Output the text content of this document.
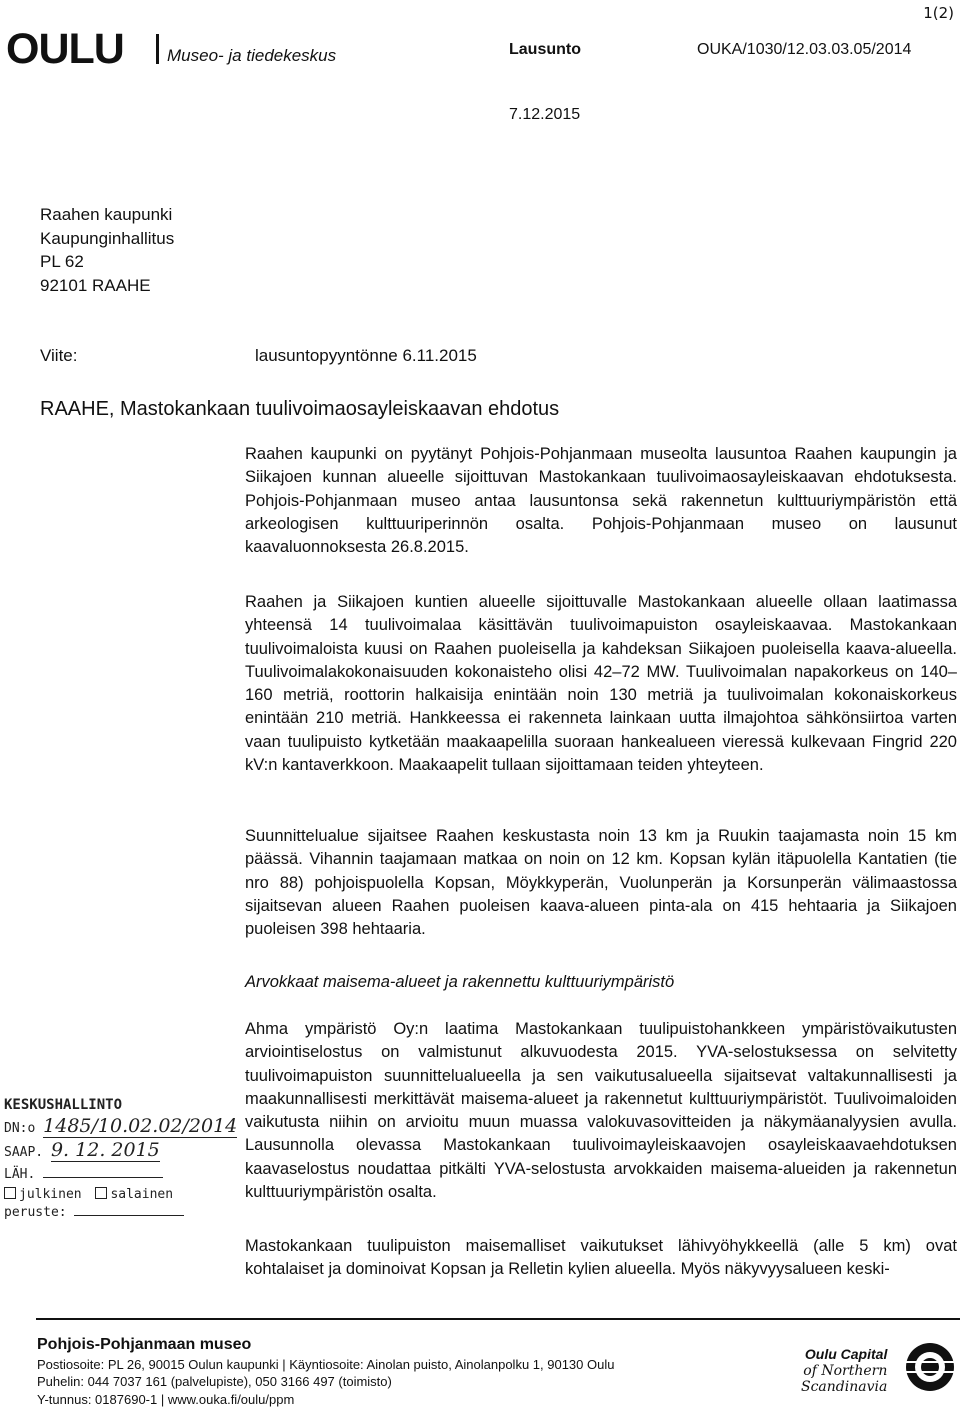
1(2)
OULU	Museo- ja tiedekeskus	Lausunto	OUKA/1030/12.03.03.05/2014
7.12.2015
Raahen kaupunki
Kaupunginhallitus
PL 62
92101 RAAHE
Viite:	lausuntopyyntönne 6.11.2015
RAAHE, Mastokankaan tuulivoimaosayleiskaavan ehdotus

Raahen kaupunki on pyytänyt Pohjois-Pohjanmaan museolta lausuntoa Raahen kaupungin ja Siikajoen kunnan alueelle sijoittuvan Mastokankaan tuulivoimaosayleiskaavan ehdotuksesta. Pohjois-Pohjanmaan museo antaa lausuntonsa sekä rakennetun kulttuuriympäristön että arkeologisen kulttuuriperinnön osalta. Pohjois-Pohjanmaan museo on lausunut kaavaluonnoksesta 26.8.2015.

Raahen ja Siikajoen kuntien alueelle sijoittuvalle Mastokankaan alueelle ollaan laatimassa yhteensä 14 tuulivoimalaa käsittävän tuulivoimapuiston osayleiskaavaa. Mastokankaan tuulivoimaloista kuusi on Raahen puoleisella ja kahdeksan Siikajoen puoleisella kaava-alueella. Tuulivoimalakokonaisuuden kokonaisteho olisi 42–72 MW. Tuulivoimalan napakorkeus on 140–160 metriä, roottorin halkaisija enintään noin 130 metriä ja tuulivoimalan kokonaiskorkeus enintään 210 metriä. Hankkeessa ei rakenneta lainkaan uutta ilmajohtoa sähkönsiirtoa varten vaan tuulipuisto kytketään maakaapelilla suoraan hankealueen vieressä kulkevaan Fingrid 220 kV:n kantaverkkoon. Maakaapelit tullaan sijoittamaan teiden yhteyteen.

Suunnittelualue sijaitsee Raahen keskustasta noin 13 km ja Ruukin taajamasta noin 15 km päässä. Vihannin taajamaan matkaa on noin on 12 km. Kopsan kylän itäpuolella Kantatien (tie nro 88) pohjoispuolella Kopsan, Möykkyperän, Vuolunperän ja Korsunperän välimaastossa sijaitsevan alueen Raahen puoleisen kaava-alueen pinta-ala on 415 hehtaaria ja Siikajoen puoleisen 398 hehtaaria.

Arvokkaat maisema-alueet ja rakennettu kulttuuriympäristö

Ahma ympäristö Oy:n laatima Mastokankaan tuulipuistohankkeen ympäristövaikutusten arviointiselostus on valmistunut alkuvuodesta 2015. YVA-selostuksessa on selvitetty tuulivoimapuiston suunnittelualueella ja sen vaikutusalueella sijaitsevat valtakunnallisesti ja maakunnallisesti merkittävät maisema-alueet ja rakennetut kulttuuriympäristöt. Tuulivoimaloiden vaikutusta niihin on arvioitu muun muassa valokuvasovitteiden ja näkymäanalyysien avulla. Lausunnolla olevassa Mastokankaan tuulivoimayleiskaavojen osayleiskaavaehdotuksen kaavaselostus noudattaa pitkälti YVA-selostusta arvokkaiden maisema-alueiden ja rakennetun kulttuuriympäristön osalta.

Mastokankaan tuulipuiston maisemalliset vaikutukset lähivyöhykkeellä (alle 5 km) ovat kohtalaiset ja dominoivat Kopsan ja Relletin kylien alueella. Myös näkyvyysalueen keski-

KESKUSHALLINTO
DN:o 1485/10.02.02/2014
SAAP. 9. 12. 2015
LÄH.
julkinen salainen
peruste:
Pohjois-Pohjanmaan museo
Postiosoite: PL 26, 90015 Oulun kaupunki | Käyntiosoite: Ainolan puisto, Ainolanpolku 1, 90130 Oulu
Puhelin: 044 7037 161 (palvelupiste), 050 3166 497 (toimisto)
Y-tunnus: 0187690-1 | www.ouka.fi/oulu/ppm
Oulu Capital
of Northern
Scandinavia
